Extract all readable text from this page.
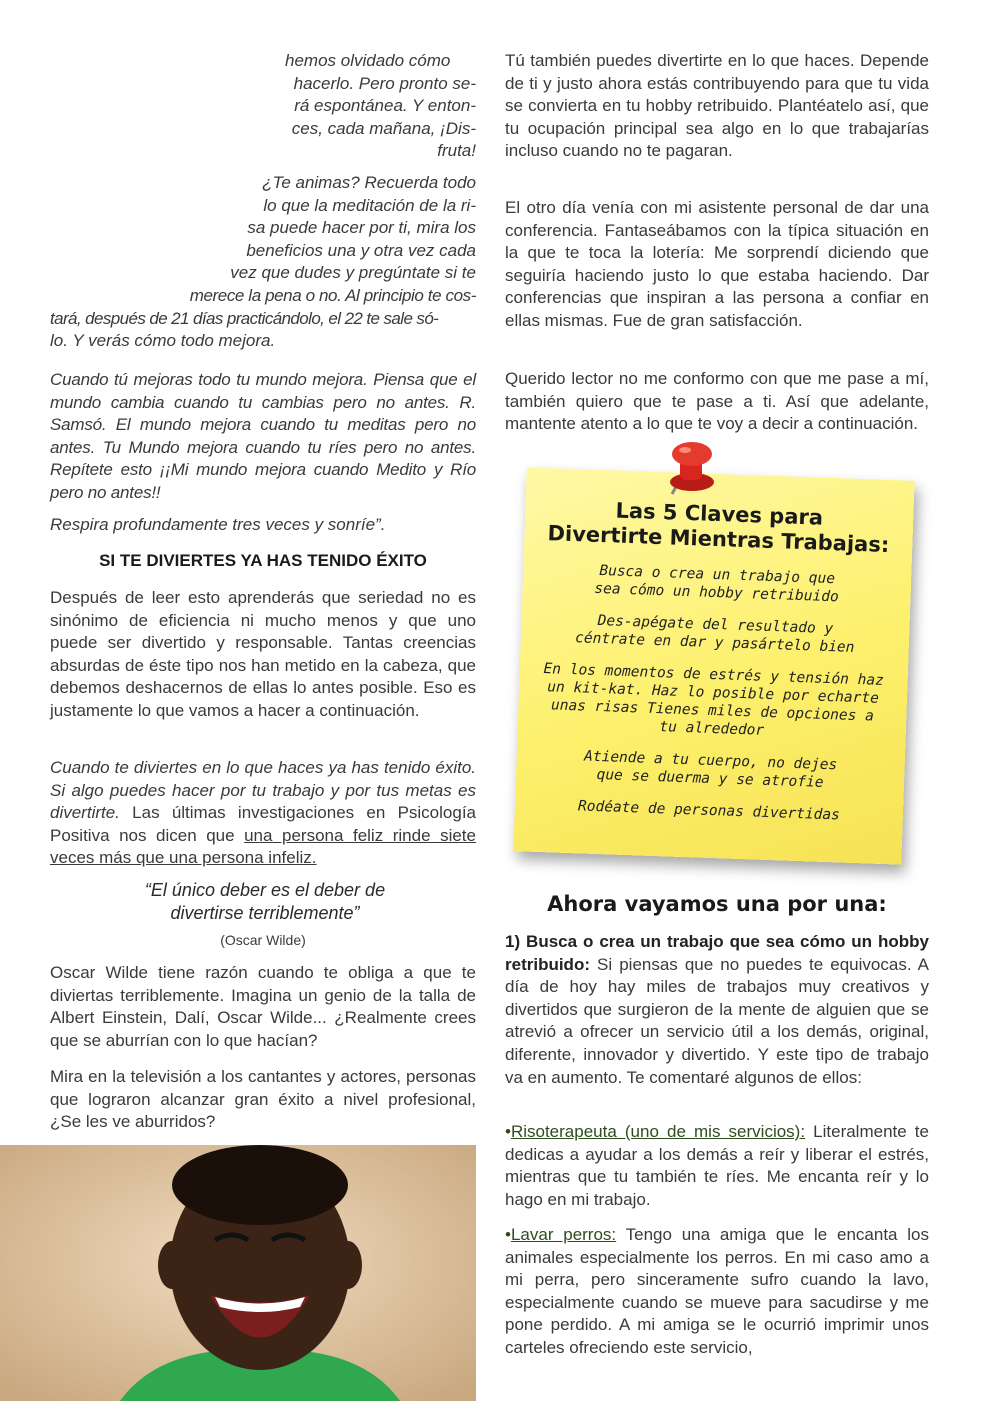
hemos olvidado cómo

hacerlo. Pero pronto se-

rá espontánea. Y enton-

ces, cada mañana, ¡Dis-

fruta!

¿Te animas? Recuerda todo

lo que la meditación de la ri-

sa puede hacer por ti, mira los

beneficios una y otra vez cada

vez que dudes y pregúntate si te

merece la pena o no. Al principio te cos-

tará, después de 21 días practicándolo, el 22 te sale só-

lo. Y verás cómo todo mejora.

Cuando tú mejoras todo tu mundo mejora. Piensa que el mundo cambia cuando tu cambias pero no antes. R. Samsó. El mundo mejora cuando tu meditas pero no antes. Tu Mundo mejora cuando tu ríes pero no antes. Repítete esto ¡¡Mi mundo mejora cuando Medito y Río pero no antes!!

Respira profundamente tres veces y sonríe”.

SI TE DIVIERTES YA HAS TENIDO ÉXITO

Después de leer esto aprenderás que seriedad no es sinónimo de eficiencia ni mucho menos y que uno puede ser divertido y responsable. Tantas creencias absurdas de éste tipo nos han metido en la cabeza, que debemos deshacernos de ellas lo antes posible. Eso es justamente lo que vamos a hacer a continuación.

Cuando te diviertes en lo que haces ya has tenido éxito. Si algo puedes hacer por tu trabajo y por tus metas es divertirte. Las últimas investigaciones en Psicología Positiva nos dicen que una persona feliz rinde siete veces más que una persona infeliz.

“El único deber es el deber de divertirse terriblemente”

(Oscar Wilde)

Oscar Wilde tiene razón cuando te obliga a que te diviertas terriblemente. Imagina un genio de la talla de Albert Einstein, Dalí, Oscar Wilde... ¿Realmente crees que se aburrían con lo que hacían?

Mira en la televisión a los cantantes y actores, personas que lograron alcanzar gran éxito a nivel profesional, ¿Se les ve aburridos?

Tú también puedes divertirte en lo que haces. Depende de ti y justo ahora estás contribuyendo para que tu vida se convierta en tu hobby retribuido. Plantéatelo así, que tu ocupación principal sea algo en lo que trabajarías incluso cuando no te pagaran.

El otro día venía con mi asistente personal de dar una conferencia. Fantaseábamos con la típica situación en la que te toca la lotería: Me sorprendí diciendo que seguiría haciendo justo lo que estaba haciendo. Dar conferencias que inspiran a las persona a confiar en ellas mismas. Fue de gran satisfacción.

Querido lector no me conformo con que me pase a mí, también quiero que te pase a ti. Así que adelante, mantente atento a lo que te voy a decir a continuación.

Las 5 Claves para

Divertirte Mientras Trabajas:

Busca o crea un trabajo que sea cómo un hobby retribuido

Des-apégate del resultado y céntrate en dar y pasártelo bien

En los momentos de estrés y tensión haz un kit-kat. Haz lo posible por echarte unas risas Tienes miles de opciones a tu alrededor

Atiende a tu cuerpo, no dejes que se duerma y se atrofie

Rodéate de personas divertidas

Ahora vayamos una por una:

1) Busca o crea un trabajo que sea cómo un hobby retribuido: Si piensas que no puedes te equivocas. A día de hoy hay miles de trabajos muy creativos y divertidos que surgieron de la mente de alguien que se atrevió a ofrecer un servicio útil a los demás, original, diferente, innovador y divertido. Y este tipo de trabajo va en aumento. Te comentaré algunos de ellos:

•Risoterapeuta (uno de mis servicios): Literalmente te dedicas a ayudar a los demás a reír y liberar el estrés, mientras que tu también te ríes. Me encanta reír y lo hago en mi trabajo.

•Lavar perros: Tengo una amiga que le encanta los animales especialmente los perros. En mi caso amo a mi perra, pero sinceramente sufro cuando la lavo, especialmente cuando se mueve para sacudirse y me pone perdido. A mi amiga se le ocurrió imprimir unos carteles ofreciendo este servicio,
